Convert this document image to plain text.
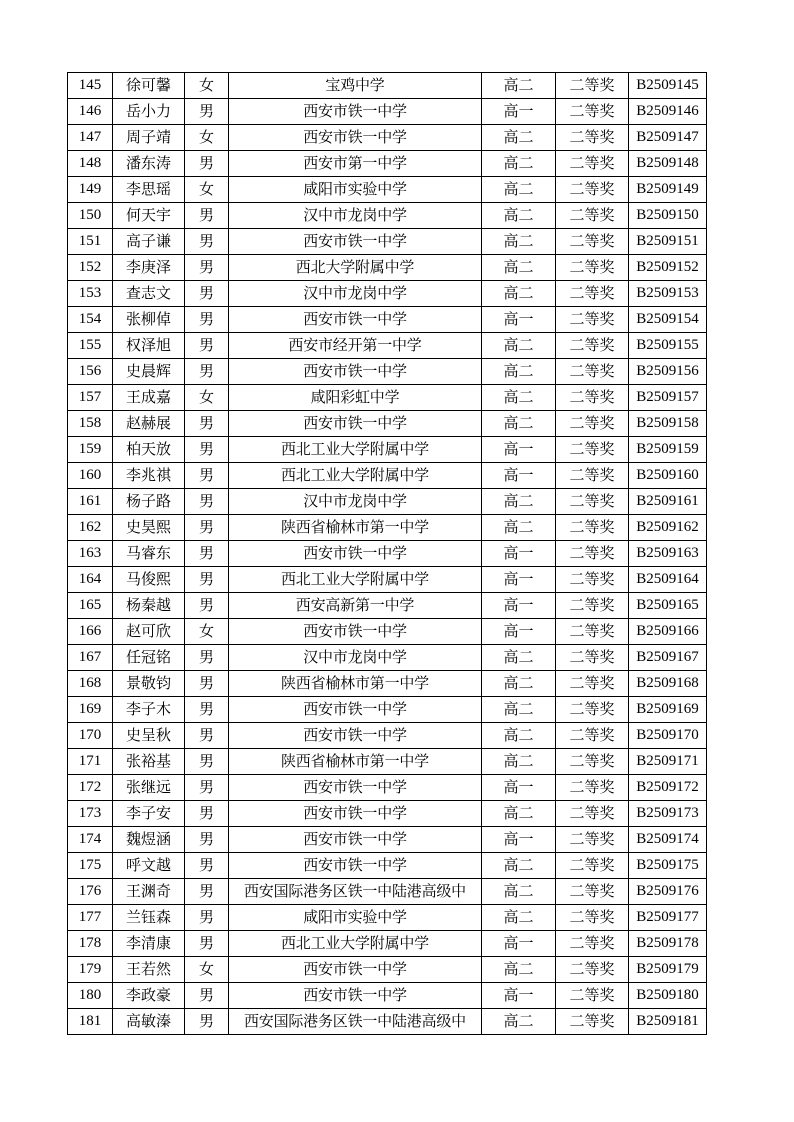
145	徐可馨	女	宝鸡中学	高二	二等奖	B2509145
146	岳小力	男	西安市铁一中学	高一	二等奖	B2509146
147	周子靖	女	西安市铁一中学	高二	二等奖	B2509147
148	潘东涛	男	西安市第一中学	高二	二等奖	B2509148
149	李思瑶	女	咸阳市实验中学	高二	二等奖	B2509149
150	何天宇	男	汉中市龙岗中学	高二	二等奖	B2509150
151	高子谦	男	西安市铁一中学	高二	二等奖	B2509151
152	李庚泽	男	西北大学附属中学	高二	二等奖	B2509152
153	查志文	男	汉中市龙岗中学	高二	二等奖	B2509153
154	张柳倬	男	西安市铁一中学	高一	二等奖	B2509154
155	权泽旭	男	西安市经开第一中学	高二	二等奖	B2509155
156	史晨辉	男	西安市铁一中学	高二	二等奖	B2509156
157	王成嘉	女	咸阳彩虹中学	高二	二等奖	B2509157
158	赵赫展	男	西安市铁一中学	高二	二等奖	B2509158
159	柏天放	男	西北工业大学附属中学	高一	二等奖	B2509159
160	李兆祺	男	西北工业大学附属中学	高一	二等奖	B2509160
161	杨子路	男	汉中市龙岗中学	高二	二等奖	B2509161
162	史昊熙	男	陕西省榆林市第一中学	高二	二等奖	B2509162
163	马睿东	男	西安市铁一中学	高一	二等奖	B2509163
164	马俊熙	男	西北工业大学附属中学	高一	二等奖	B2509164
165	杨秦越	男	西安高新第一中学	高一	二等奖	B2509165
166	赵可欣	女	西安市铁一中学	高一	二等奖	B2509166
167	任冠铭	男	汉中市龙岗中学	高二	二等奖	B2509167
168	景敬钧	男	陕西省榆林市第一中学	高二	二等奖	B2509168
169	李子木	男	西安市铁一中学	高二	二等奖	B2509169
170	史呈秋	男	西安市铁一中学	高二	二等奖	B2509170
171	张裕基	男	陕西省榆林市第一中学	高二	二等奖	B2509171
172	张继远	男	西安市铁一中学	高一	二等奖	B2509172
173	李子安	男	西安市铁一中学	高二	二等奖	B2509173
174	魏煜涵	男	西安市铁一中学	高一	二等奖	B2509174
175	呼文越	男	西安市铁一中学	高二	二等奖	B2509175
176	王渊奇	男	西安国际港务区铁一中陆港高级中	高二	二等奖	B2509176
177	兰钰森	男	咸阳市实验中学	高二	二等奖	B2509177
178	李清康	男	西北工业大学附属中学	高一	二等奖	B2509178
179	王若然	女	西安市铁一中学	高二	二等奖	B2509179
180	李政豪	男	西安市铁一中学	高一	二等奖	B2509180
181	高敏溱	男	西安国际港务区铁一中陆港高级中	高二	二等奖	B2509181
